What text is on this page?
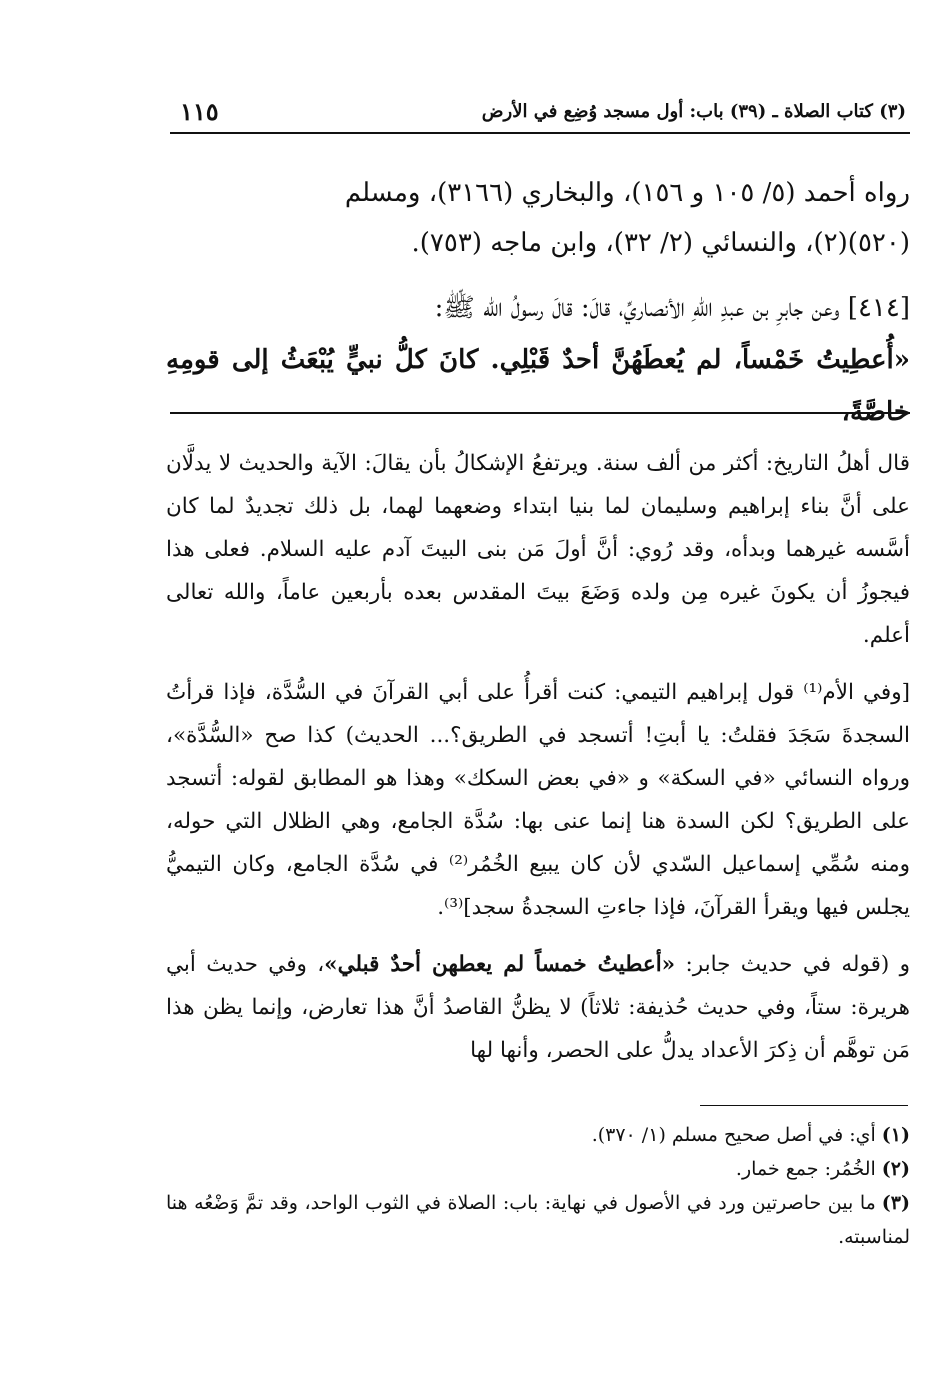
١١٥	(٣) كتاب الصلاة ـ (٣٩) باب: أول مسجد وُضِع في الأرض

رواه أحمد (٥/ ١٠٥ و ١٥٦)، والبخاري (٣١٦٦)، ومسلم

(٥٢٠)(٢)، والنسائي (٢/ ٣٢)، وابن ماجه (٧٥٣).

[٤١٤] وعن جابرِ بن عبدِ اللهِ الأنصاريِّ، قالَ: قالَ رسولُ الله ﷺ:

«أُعطِيتُ خَمْساً، لم يُعطَهُنَّ أحدٌ قَبْلِي. كانَ كلُّ نبيٍّ يُبْعَثُ إلى قومِهِ خاصَّةً،

قال أهلُ التاريخ: أكثر من ألف سنة. ويرتفعُ الإشكالُ بأن يقالَ: الآية والحديث لا يدلَّان على أنَّ بناء إبراهيم وسليمان لما بنيا ابتداء وضعهما لهما، بل ذلك تجديدٌ لما كان أسَّسه غيرهما وبدأه، وقد رُوي: أنَّ أولَ مَن بنى البيتَ آدم عليه السلام. فعلى هذا فيجوزُ أن يكونَ غيره مِن ولده وَضَعَ بيتَ المقدس بعده بأربعين عاماً، والله تعالى أعلم.

[وفي الأم⁽¹⁾ قول إبراهيم التيمي: كنت أقرأُ على أبي القرآنَ في السُّدَّة، فإذا قرأتُ السجدةَ سَجَدَ فقلتُ: يا أبتِ! أتسجد في الطريق؟... الحديث) كذا صح «السُّدَّة»، ورواه النسائي «في السكة» و «في بعض السكك» وهذا هو المطابق لقوله: أتسجد على الطريق؟ لكن السدة هنا إنما عنى بها: سُدَّة الجامع، وهي الظلال التي حوله، ومنه سُمِّي إسماعيل السّدي لأن كان يبيع الخُمُر⁽²⁾ في سُدَّة الجامع، وكان التيميُّ يجلس فيها ويقرأ القرآنَ، فإذا جاءتِ السجدةُ سجد]⁽³⁾.

و (قوله في حديث جابر: «أعطيتُ خمساً لم يعطهن أحدٌ قبلي»، وفي حديث أبي هريرة: ستاً، وفي حديث حُذيفة: ثلاثاً) لا يظنُّ القاصدُ أنَّ هذا تعارض، وإنما يظن هذا مَن توهَّم أن ذِكرَ الأعداد يدلُّ على الحصر، وأنها لها

(١)أي: في أصل صحيح مسلم (١/ ٣٧٠).

(٢)الخُمُر: جمع خمار.

(٣)ما بين حاصرتين ورد في الأصول في نهاية: باب: الصلاة في الثوب الواحد، وقد تمَّ وَضْعُه هنا لمناسبته.
